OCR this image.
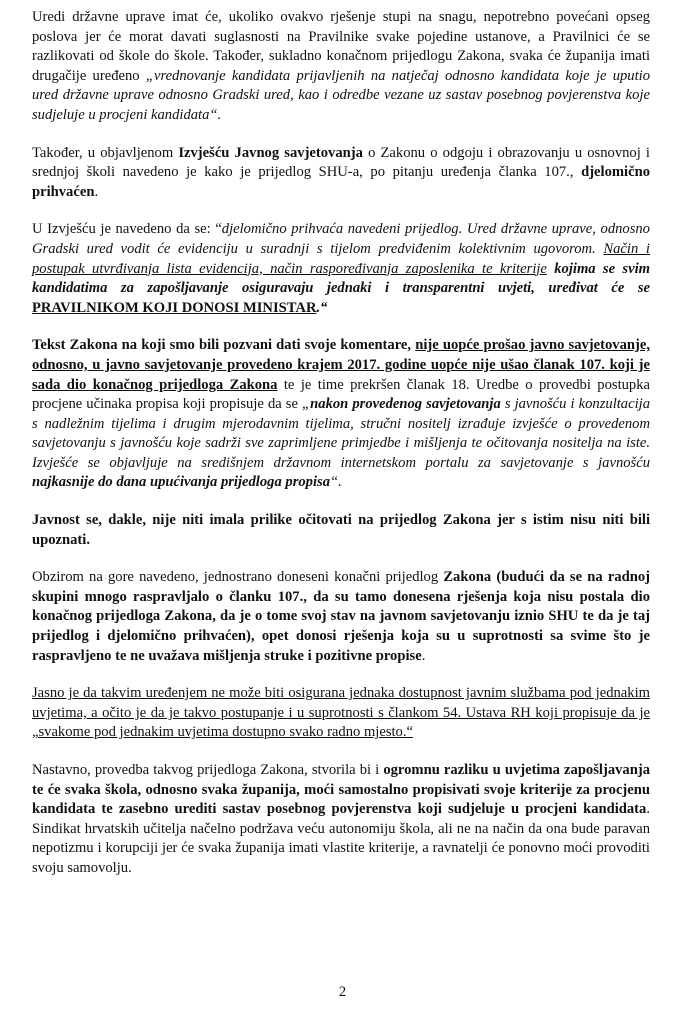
Uredi državne uprave imat će, ukoliko ovakvo rješenje stupi na snagu, nepotrebno povećani opseg poslova jer će morat davati suglasnosti na Pravilnike svake pojedine ustanove, a Pravilnici će se razlikovati od škole do škole. Također, sukladno konačnom prijedlogu Zakona, svaka će županija imati drugačije uređeno „vrednovanje kandidata prijavljenih na natječaj odnosno kandidata koje je uputio ured državne uprave odnosno Gradski ured, kao i odredbe vezane uz sastav posebnog povjerenstva koje sudjeluje u procjeni kandidata“.

Također, u objavljenom Izvješću Javnog savjetovanja o Zakonu o odgoju i obrazovanju u osnovnoj i srednjoj školi navedeno je kako je prijedlog SHU-a, po pitanju uređenja članka 107., djelomično prihvaćen.

U Izvješću je navedeno da se: “djelomično prihvaća navedeni prijedlog. Ured državne uprave, odnosno Gradski ured vodit će evidenciju u suradnji s tijelom predviđenim kolektivnim ugovorom. Način i postupak utvrđivanja lista evidencija, način raspoređivanja zaposlenika te kriterije kojima se svim kandidatima za zapošljavanje osiguravaju jednaki i transparentni uvjeti, uređivat će se PRAVILNIKOM KOJI DONOSI MINISTAR.“

Tekst Zakona na koji smo bili pozvani dati svoje komentare, nije uopće prošao javno savjetovanje, odnosno, u javno savjetovanje provedeno krajem 2017. godine uopće nije ušao članak 107. koji je sada dio konačnog prijedloga Zakona te je time prekršen članak 18. Uredbe o provedbi postupka procjene učinaka propisa koji propisuje da se „nakon provedenog savjetovanja s javnošću i konzultacija s nadležnim tijelima i drugim mjerodavnim tijelima, stručni nositelj izrađuje izvješće o provedenom savjetovanju s javnošću koje sadrži sve zaprimljene primjedbe i mišljenja te očitovanja nositelja na iste. Izvješće se objavljuje na središnjem državnom internetskom portalu za savjetovanje s javnošću najkasnije do dana upućivanja prijedloga propisa“.

Javnost se, dakle, nije niti imala prilike očitovati na prijedlog Zakona jer s istim nisu niti bili upoznati.

Obzirom na gore navedeno, jednostrano doneseni konačni prijedlog Zakona (budući da se na radnoj skupini mnogo raspravljalo o članku 107., da su tamo donesena rješenja koja nisu postala dio konačnog prijedloga Zakona, da je o tome svoj stav na javnom savjetovanju iznio SHU te da je taj prijedlog i djelomično prihvaćen), opet donosi rješenja koja su u suprotnosti sa svime što je raspravljeno te ne uvažava mišljenja struke i pozitivne propise.

Jasno je da takvim uređenjem ne može biti osigurana jednaka dostupnost javnim službama pod jednakim uvjetima, a očito je da je takvo postupanje i u suprotnosti s člankom 54. Ustava RH koji propisuje da je „svakome pod jednakim uvjetima dostupno svako radno mjesto.“

Nastavno, provedba takvog prijedloga Zakona, stvorila bi i ogromnu razliku u uvjetima zapošljavanja te će svaka škola, odnosno svaka županija, moći samostalno propisivati svoje kriterije za procjenu kandidata te zasebno urediti sastav posebnog povjerenstva koji sudjeluje u procjeni kandidata. Sindikat hrvatskih učitelja načelno podržava veću autonomiju škola, ali ne na način da ona bude paravan nepotizmu i korupciji jer će svaka županija imati vlastite kriterije, a ravnatelji će ponovno moći provoditi svoju samovolju.

2
